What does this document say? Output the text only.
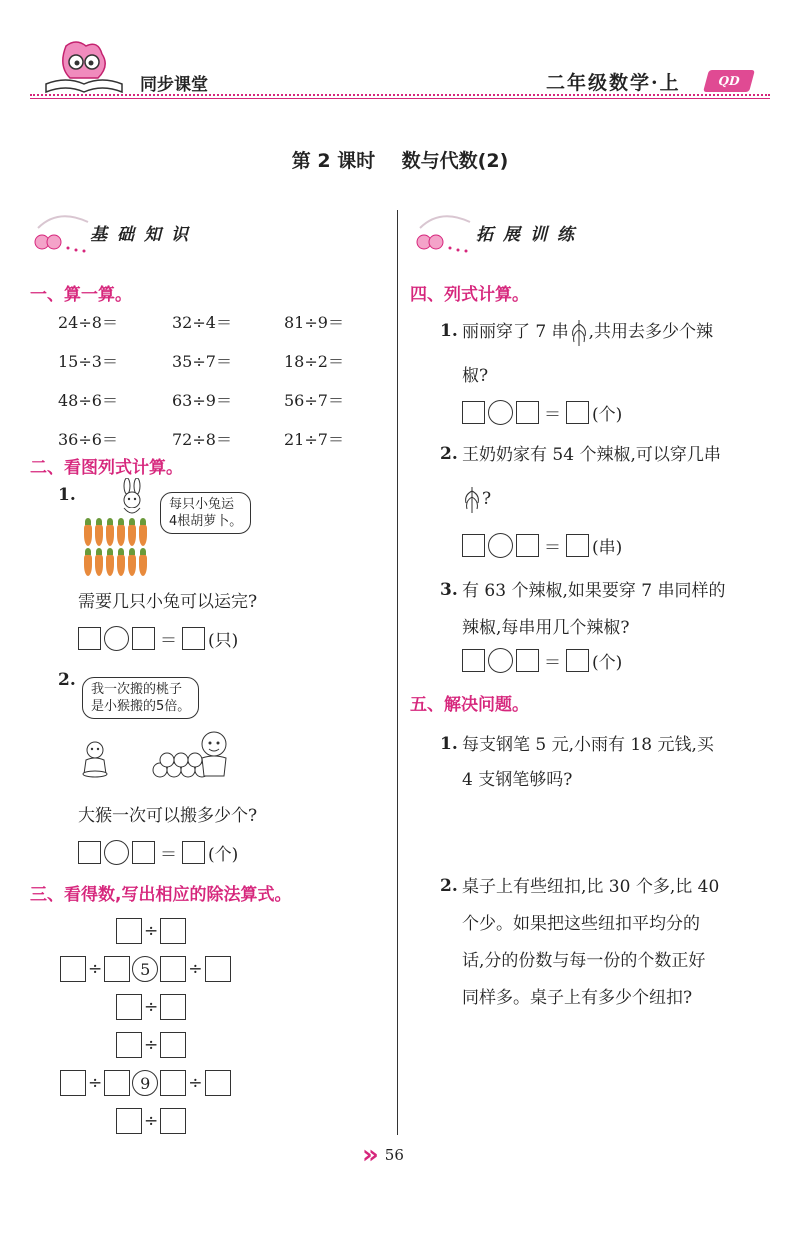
同步课堂	二年级数学·上	QD
第 2 课时    数与代数(2)
基础知识
一、算一算。
24÷8＝	32÷4＝	81÷9＝
15÷3＝	35÷7＝	18÷2＝
48÷6＝	63÷9＝	56÷7＝
36÷6＝	72÷8＝	21÷7＝
二、看图列式计算。
1.	每只小兔运
4根胡萝卜。
需要几只小兔可以运完?
＝ (只)
2. 我一次搬的桃子
是小猴搬的5倍。
大猴一次可以搬多少个?
＝ (个)
三、看得数,写出相应的除法算式。
÷
÷	5	÷
÷
÷
÷	9	÷
÷
拓展训练
四、列式计算。
1. 丽丽穿了 7 串 ,共用去多少个辣
椒?
＝ (个)
2. 王奶奶家有 54 个辣椒,可以穿几串
?
＝ (串)
3. 有 63 个辣椒,如果要穿 7 串同样的
辣椒,每串用几个辣椒?
＝ (个)
五、解决问题。
1. 每支钢笔 5 元,小雨有 18 元钱,买
4 支钢笔够吗?
2. 桌子上有些纽扣,比 30 个多,比 40
个少。如果把这些纽扣平均分的
话,分的份数与每一份的个数正好
同样多。桌子上有多少个纽扣?
» 56
